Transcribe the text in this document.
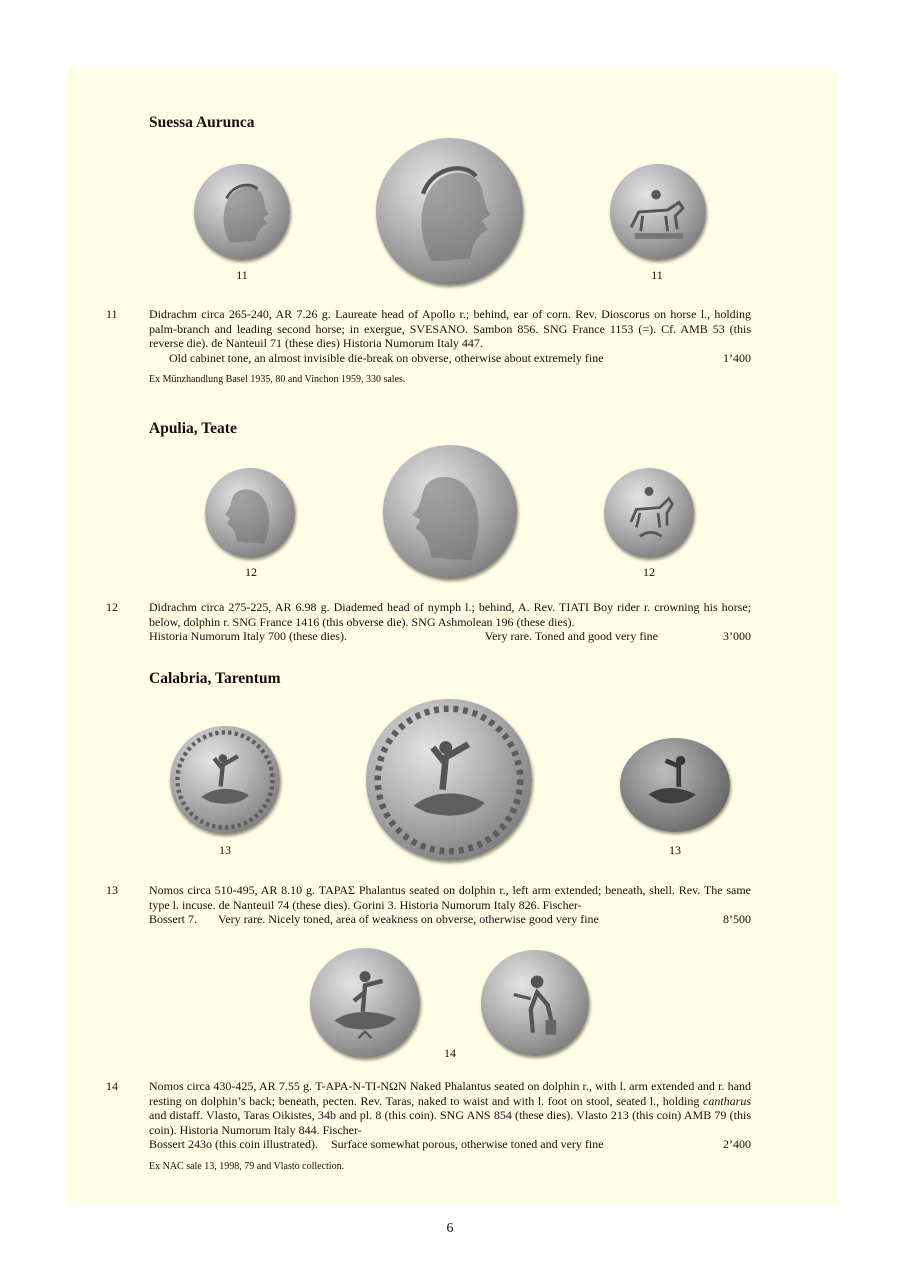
Suessa Aurunca
11	11
11	Didrachm circa 265-240, AR 7.26 g. Laureate head of Apollo r.; behind, ear of corn. Rev. Dioscorus on horse l., holding palm-branch and leading second horse; in exergue, SVESANO. Sambon 856. SNG France 1153 (=). Cf. AMB 53 (this reverse die). de Nanteuil 71 (these dies) Historia Numorum Italy 447.

Old cabinet tone, an almost invisible die-break on obverse, otherwise about extremely fine	1’400
Ex Münzhandlung Basel 1935, 80 and Vinchon 1959, 330 sales.
Apulia, Teate
12	12
12	Didrachm circa 275-225, AR 6.98 g. Diademed head of nymph l.; behind, A. Rev. TIATI Boy rider r. crowning his horse; below, dolphin r. SNG France 1416 (this obverse die). SNG Ashmolean 196 (these dies).

Historia Numorum Italy 700 (these dies).	Very rare. Toned and good very fine	3’000
Calabria, Tarentum
13	13
13	Nomos circa 510-495, AR 8.10 g. ΤΑΡΑΣ Phalantus seated on dolphin r., left arm extended; beneath, shell. Rev. The same type l. incuse. de Nanteuil 74 (these dies). Gorini 3. Historia Numorum Italy 826. Fischer-

Bossert 7. Very rare. Nicely toned, area of weakness on obverse, otherwise good very fine	8’500
14
14	Nomos circa 430-425, AR 7.55 g. Τ-ΑΡΑ-Ν-ΤΙ-ΝΩΝ Naked Phalantus seated on dolphin r., with l. arm extended and r. hand resting on dolphin’s back; beneath, pecten. Rev. Taras, naked to waist and with l. foot on stool, seated l., holding cantharus and distaff. Vlasto, Taras Oikistes, 34b and pl. 8 (this coin). SNG ANS 854 (these dies). Vlasto 213 (this coin) AMB 79 (this coin). Historia Numorum Italy 844. Fischer-

Bossert 243o (this coin illustrated). Surface somewhat porous, otherwise toned and very fine	2’400
Ex NAC sale 13, 1998, 79 and Vlasto collection.
6
